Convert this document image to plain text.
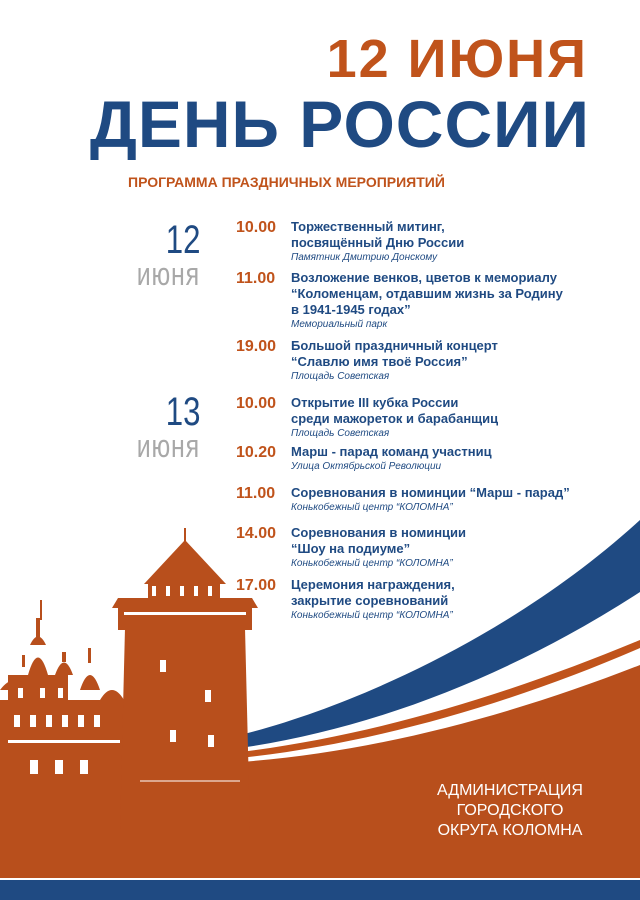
12 ИЮНЯ
ДЕНЬ РОССИИ
ПРОГРАММА ПРАЗДНИЧНЫХ МЕРОПРИЯТИЙ
12
июня
13
июня
10.00 Торжественный митинг,
посвящённый Дню России
Памятник Дмитрию Донскому
11.00 Возложение венков, цветов к мемориалу
“Коломенцам, отдавшим жизнь за Родину
в 1941-1945 годах”
Мемориальный парк
19.00 Большой праздничный концерт
“Славлю имя твоё Россия”
Площадь Советская
10.00 Открытие III кубка России
среди мажореток и барабанщиц
Площадь Советская
10.20 Марш - парад команд участниц
Улица Октябрьской Революции
11.00 Соревнования в номинции “Марш - парад”
Конькобежный центр “КОЛОМНА”
14.00 Соревнования в номинции
“Шоу на подиуме”
Конькобежный центр “КОЛОМНА”
17.00 Церемония награждения,
закрытие соревнований
Конькобежный центр “КОЛОМНА”
АДМИНИСТРАЦИЯ
ГОРОДСКОГО
ОКРУГА КОЛОМНА
